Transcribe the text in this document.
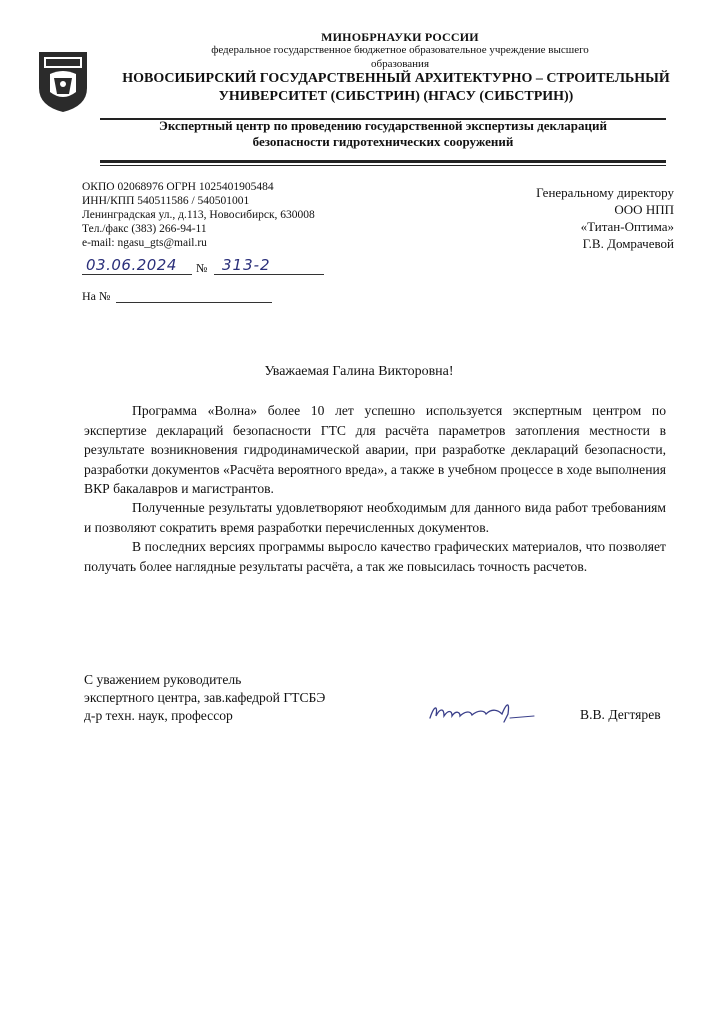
МИНОБРНАУКИ РОССИИ
федеральное государственное бюджетное образовательное учреждение высшего
образования
НОВОСИБИРСКИЙ ГОСУДАРСТВЕННЫЙ АРХИТЕКТУРНО – СТРОИТЕЛЬНЫЙ
УНИВЕРСИТЕТ (СИБСТРИН) (НГАСУ (СИБСТРИН))
Экспертный центр по проведению государственной экспертизы деклараций
безопасности гидротехнических сооружений
ОКПО 02068976 ОГРН 1025401905484
ИНН/КПП 540511586 / 540501001
Ленинградская ул., д.113, Новосибирск, 630008
Тел./факс (383) 266-94-11
e-mail: ngasu_gts@mail.ru
Генеральному директору
ООО НПП
«Титан-Оптима»
Г.В. Домрачевой
03.06.2024 № 313-2
На №
Уважаемая Галина Викторовна!
Программа «Волна» более 10 лет успешно используется экспертным центром по экспертизе деклараций безопасности ГТС для расчёта параметров затопления местности в результате возникновения гидродинамической аварии, при разработке деклараций безопасности, разработки документов «Расчёта вероятного вреда», а также в учебном процессе в ходе выполнения ВКР бакалавров и магистрантов.
Полученные результаты удовлетворяют необходимым для данного вида работ требованиям и позволяют сократить время разработки перечисленных документов.
В последних версиях программы выросло качество графических материалов, что позволяет получать более наглядные результаты расчёта, а так же повысилась точность расчетов.
С уважением руководитель
экспертного центра, зав.кафедрой ГТСБЭ
д-р техн. наук, профессор	В.В. Дегтярев
